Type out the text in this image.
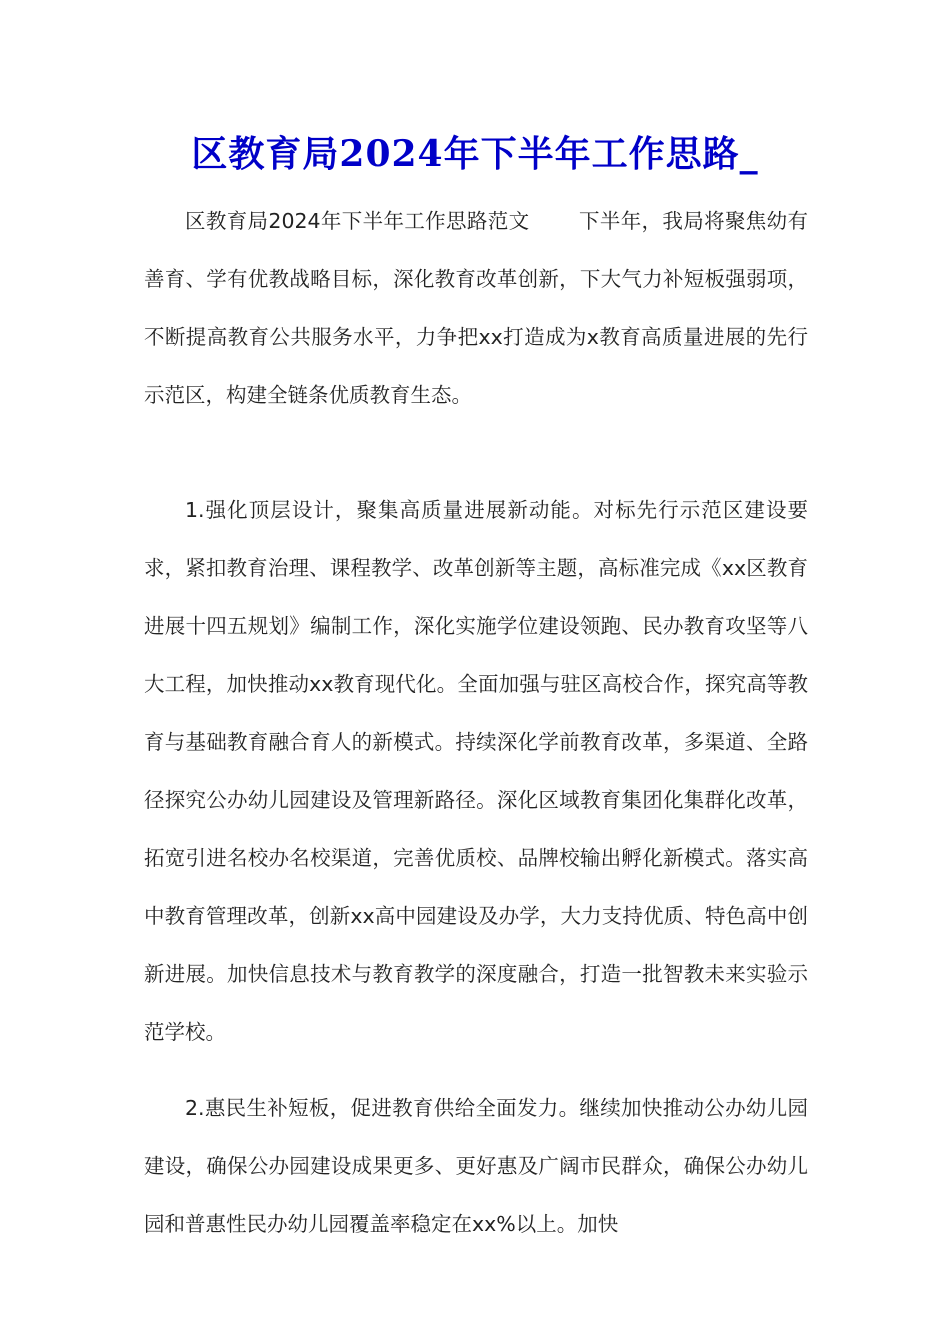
区教育局2024年下半年工作思路_
区教育局2024年下半年工作思路范文 下半年，我局将聚焦幼有善育、学有优教战略目标，深化教育改革创新，下大气力补短板强弱项，不断提高教育公共服务水平，力争把xx打造成为x教育高质量进展的先行示范区，构建全链条优质教育生态。
1.强化顶层设计，聚集高质量进展新动能。对标先行示范区建设要求，紧扣教育治理、课程教学、改革创新等主题，高标准完成《xx区教育进展十四五规划》编制工作，深化实施学位建设领跑、民办教育攻坚等八大工程，加快推动xx教育现代化。全面加强与驻区高校合作，探究高等教育与基础教育融合育人的新模式。持续深化学前教育改革，多渠道、全路径探究公办幼儿园建设及管理新路径。深化区域教育集团化集群化改革，拓宽引进名校办名校渠道，完善优质校、品牌校输出孵化新模式。落实高中教育管理改革，创新xx高中园建设及办学，大力支持优质、特色高中创新进展。加快信息技术与教育教学的深度融合，打造一批智教未来实验示范学校。
2.惠民生补短板，促进教育供给全面发力。继续加快推动公办幼儿园建设，确保公办园建设成果更多、更好惠及广阔市民群众，确保公办幼儿园和普惠性民办幼儿园覆盖率稳定在xx%以上。加快
